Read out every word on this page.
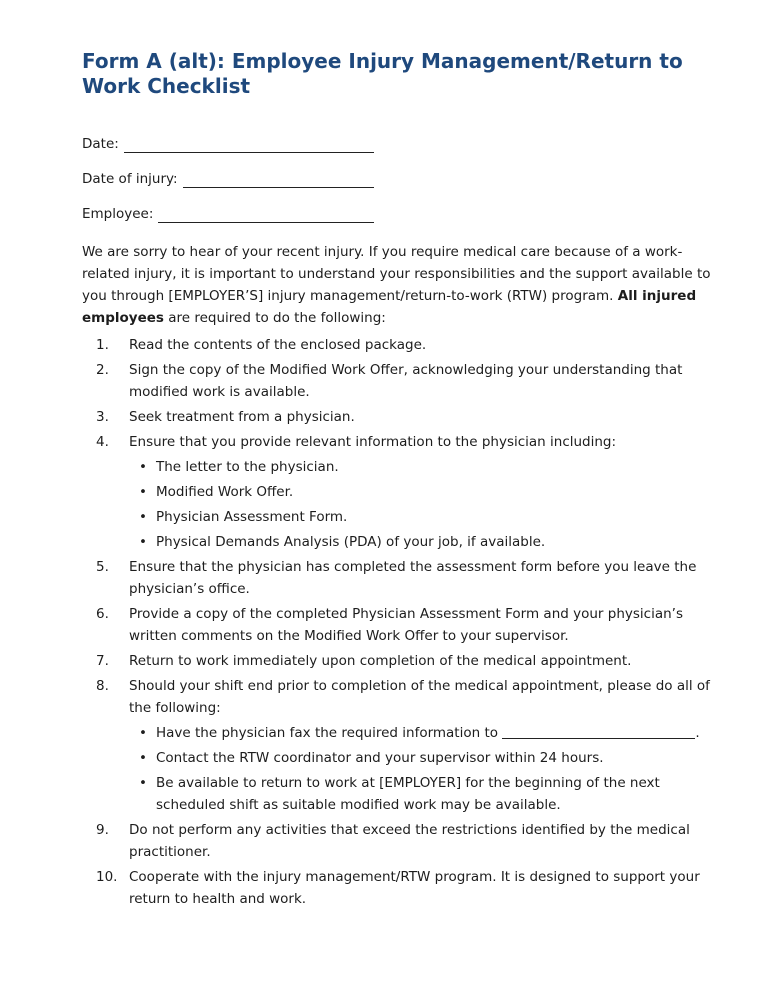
Form A (alt): Employee Injury Management/Return to Work Checklist
Date:
Date of injury:
Employee:

We are sorry to hear of your recent injury. If you require medical care because of a work-related injury, it is important to understand your responsibilities and the support available to you through [EMPLOYER’S] injury management/return-to-work (RTW) program. All injured employees are required to do the following:

1. Read the contents of the enclosed package.
2. Sign the copy of the Modified Work Offer, acknowledging your understanding that modified work is available.
3. Seek treatment from a physician.
4. Ensure that you provide relevant information to the physician including:
• The letter to the physician.
• Modified Work Offer.
• Physician Assessment Form.
• Physical Demands Analysis (PDA) of your job, if available.
5. Ensure that the physician has completed the assessment form before you leave the physician’s office.
6. Provide a copy of the completed Physician Assessment Form and your physician’s written comments on the Modified Work Offer to your supervisor.
7. Return to work immediately upon completion of the medical appointment.
8. Should your shift end prior to completion of the medical appointment, please do all of the following:
• Have the physician fax the required information to	.
• Contact the RTW coordinator and your supervisor within 24 hours.
• Be available to return to work at [EMPLOYER] for the beginning of the next scheduled shift as suitable modified work may be available.
9. Do not perform any activities that exceed the restrictions identified by the medical practitioner.
10. Cooperate with the injury management/RTW program. It is designed to support your return to health and work.
